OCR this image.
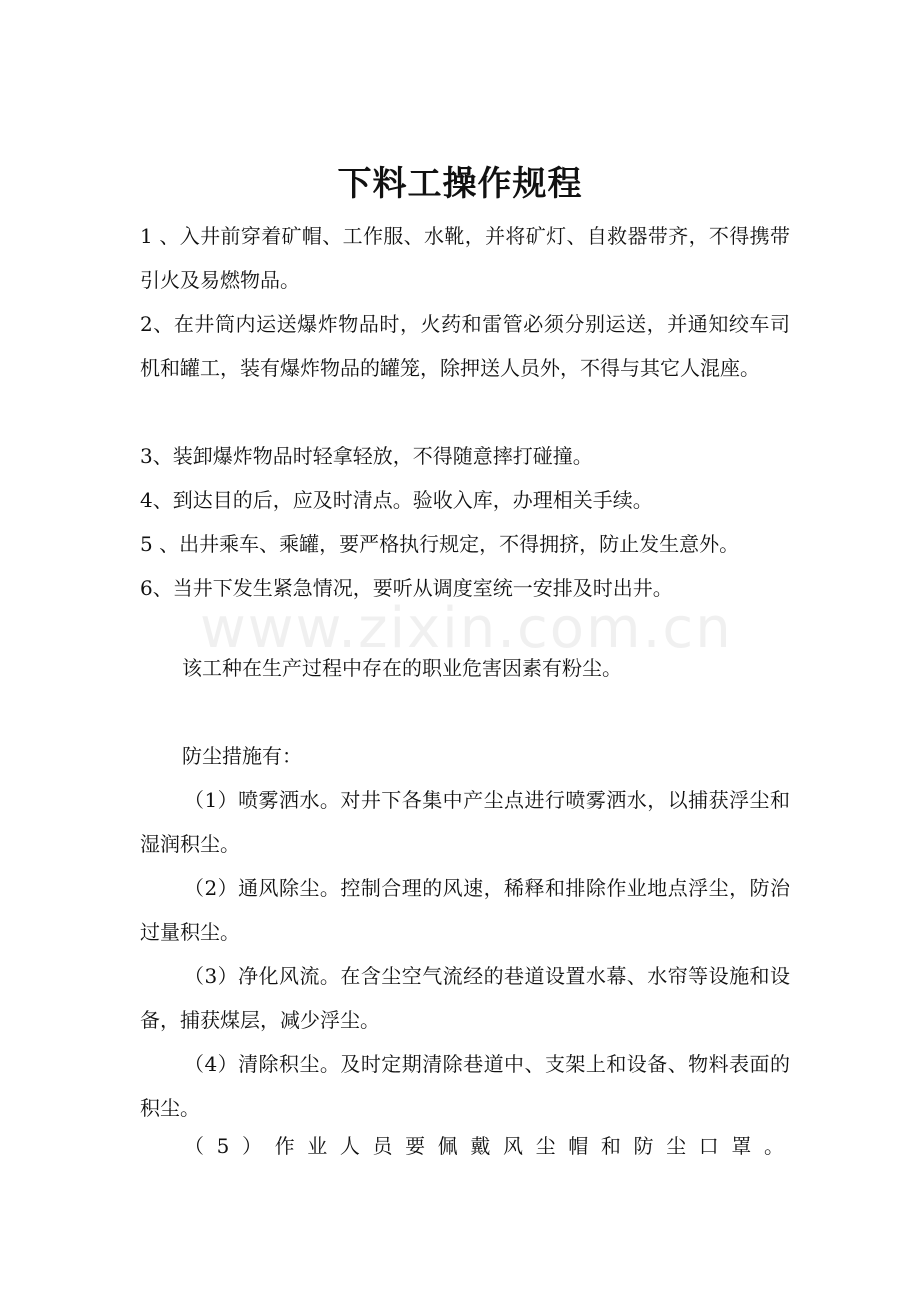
www.zixin.com.cn
下料工操作规程

1 、入井前穿着矿帽、工作服、水靴，并将矿灯、自救器带齐，不得携带引火及易燃物品。

2、在井筒内运送爆炸物品时，火药和雷管必须分别运送，并通知绞车司机和罐工，装有爆炸物品的罐笼，除押送人员外，不得与其它人混座。

3、装卸爆炸物品时轻拿轻放，不得随意摔打碰撞。

4、到达目的后，应及时清点。验收入库，办理相关手续。

5 、出井乘车、乘罐，要严格执行规定，不得拥挤，防止发生意外。

6、当井下发生紧急情况，要听从调度室统一安排及时出井。

该工种在生产过程中存在的职业危害因素有粉尘。

防尘措施有：

（1）喷雾洒水。对井下各集中产尘点进行喷雾洒水，以捕获浮尘和湿润积尘。

（2）通风除尘。控制合理的风速，稀释和排除作业地点浮尘，防治过量积尘。

（3）净化风流。在含尘空气流经的巷道设置水幕、水帘等设施和设备，捕获煤层，减少浮尘。

（4）清除积尘。及时定期清除巷道中、支架上和设备、物料表面的积尘。

（ 5 ） 作 业 人 员 要 佩 戴 风 尘 帽 和 防 尘 口 罩 。
